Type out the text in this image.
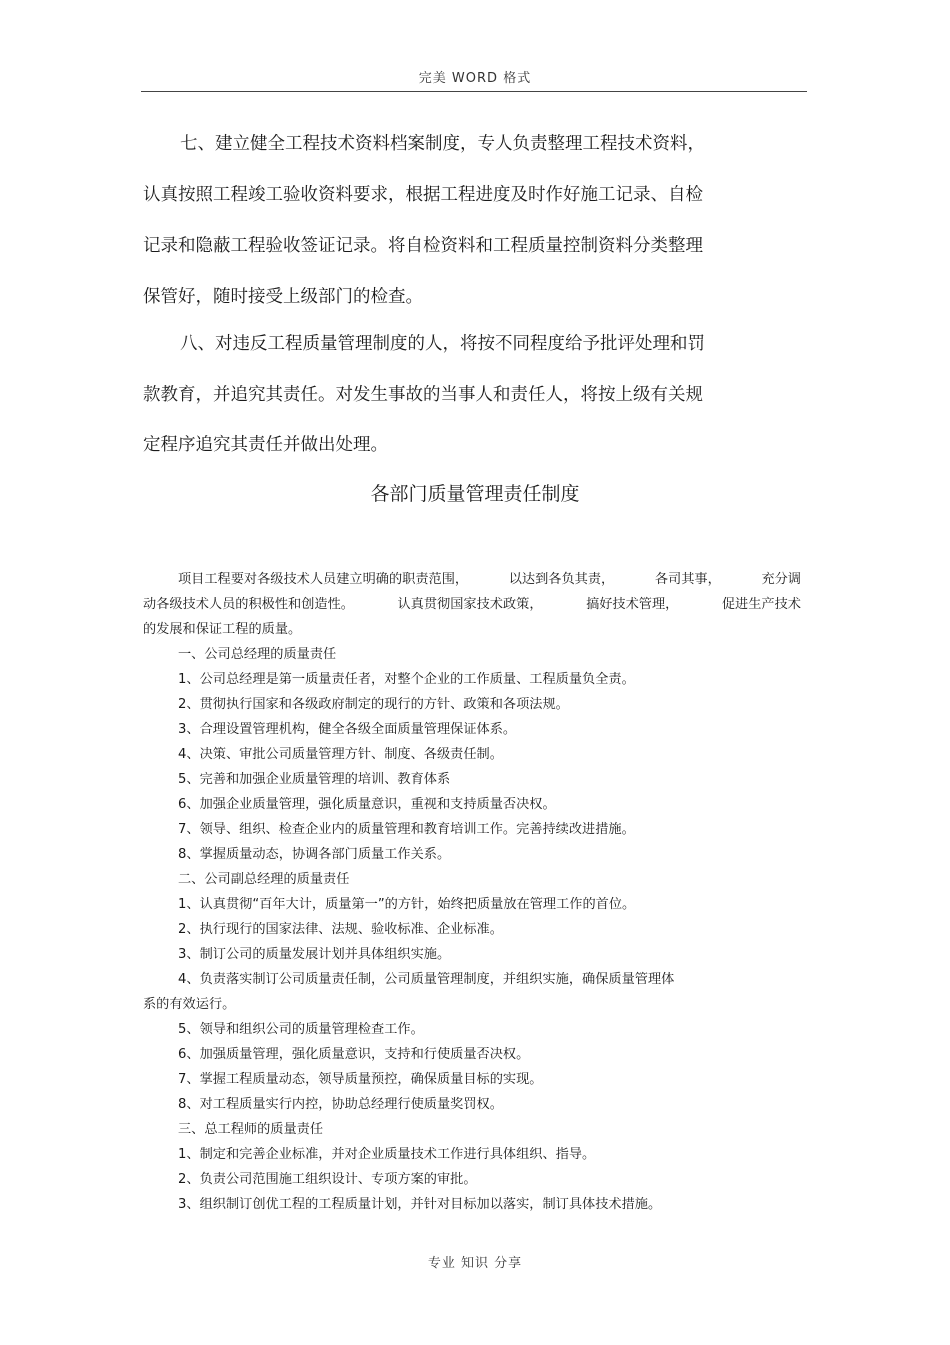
完美 WORD 格式
七、建立健全工程技术资料档案制度，专人负责整理工程技术资料，
认真按照工程竣工验收资料要求，根据工程进度及时作好施工记录、自检
记录和隐蔽工程验收签证记录。将自检资料和工程质量控制资料分类整理
保管好，随时接受上级部门的检查。
八、对违反工程质量管理制度的人，将按不同程度给予批评处理和罚
款教育，并追究其责任。对发生事故的当事人和责任人，将按上级有关规
定程序追究其责任并做出处理。
各部门质量管理责任制度
项目工程要对各级技术人员建立明确的职责范围，	以达到各负其责，	各司其事，	充分调
动各级技术人员的积极性和创造性。	认真贯彻国家技术政策，	搞好技术管理，	促进生产技术
的发展和保证工程的质量。
一、公司总经理的质量责任
1、公司总经理是第一质量责任者，对整个企业的工作质量、工程质量负全责。
2、贯彻执行国家和各级政府制定的现行的方针、政策和各项法规。
3、合理设置管理机构，健全各级全面质量管理保证体系。
4、决策、审批公司质量管理方针、制度、各级责任制。
5、完善和加强企业质量管理的培训、教育体系
6、加强企业质量管理，强化质量意识，重视和支持质量否决权。
7、领导、组织、检查企业内的质量管理和教育培训工作。完善持续改进措施。
8、掌握质量动态，协调各部门质量工作关系。
二、公司副总经理的质量责任
1、认真贯彻“百年大计，质量第一”的方针，始终把质量放在管理工作的首位。
2、执行现行的国家法律、法规、验收标准、企业标准。
3、制订公司的质量发展计划并具体组织实施。
4、负责落实制订公司质量责任制，公司质量管理制度，并组织实施，确保质量管理体
系的有效运行。
5、领导和组织公司的质量管理检查工作。
6、加强质量管理，强化质量意识，支持和行使质量否决权。
7、掌握工程质量动态，领导质量预控，确保质量目标的实现。
8、对工程质量实行内控，协助总经理行使质量奖罚权。
三、总工程师的质量责任
1、制定和完善企业标准，并对企业质量技术工作进行具体组织、指导。
2、负责公司范围施工组织设计、专项方案的审批。
3、组织制订创优工程的工程质量计划，并针对目标加以落实，制订具体技术措施。
专业 知识 分享
